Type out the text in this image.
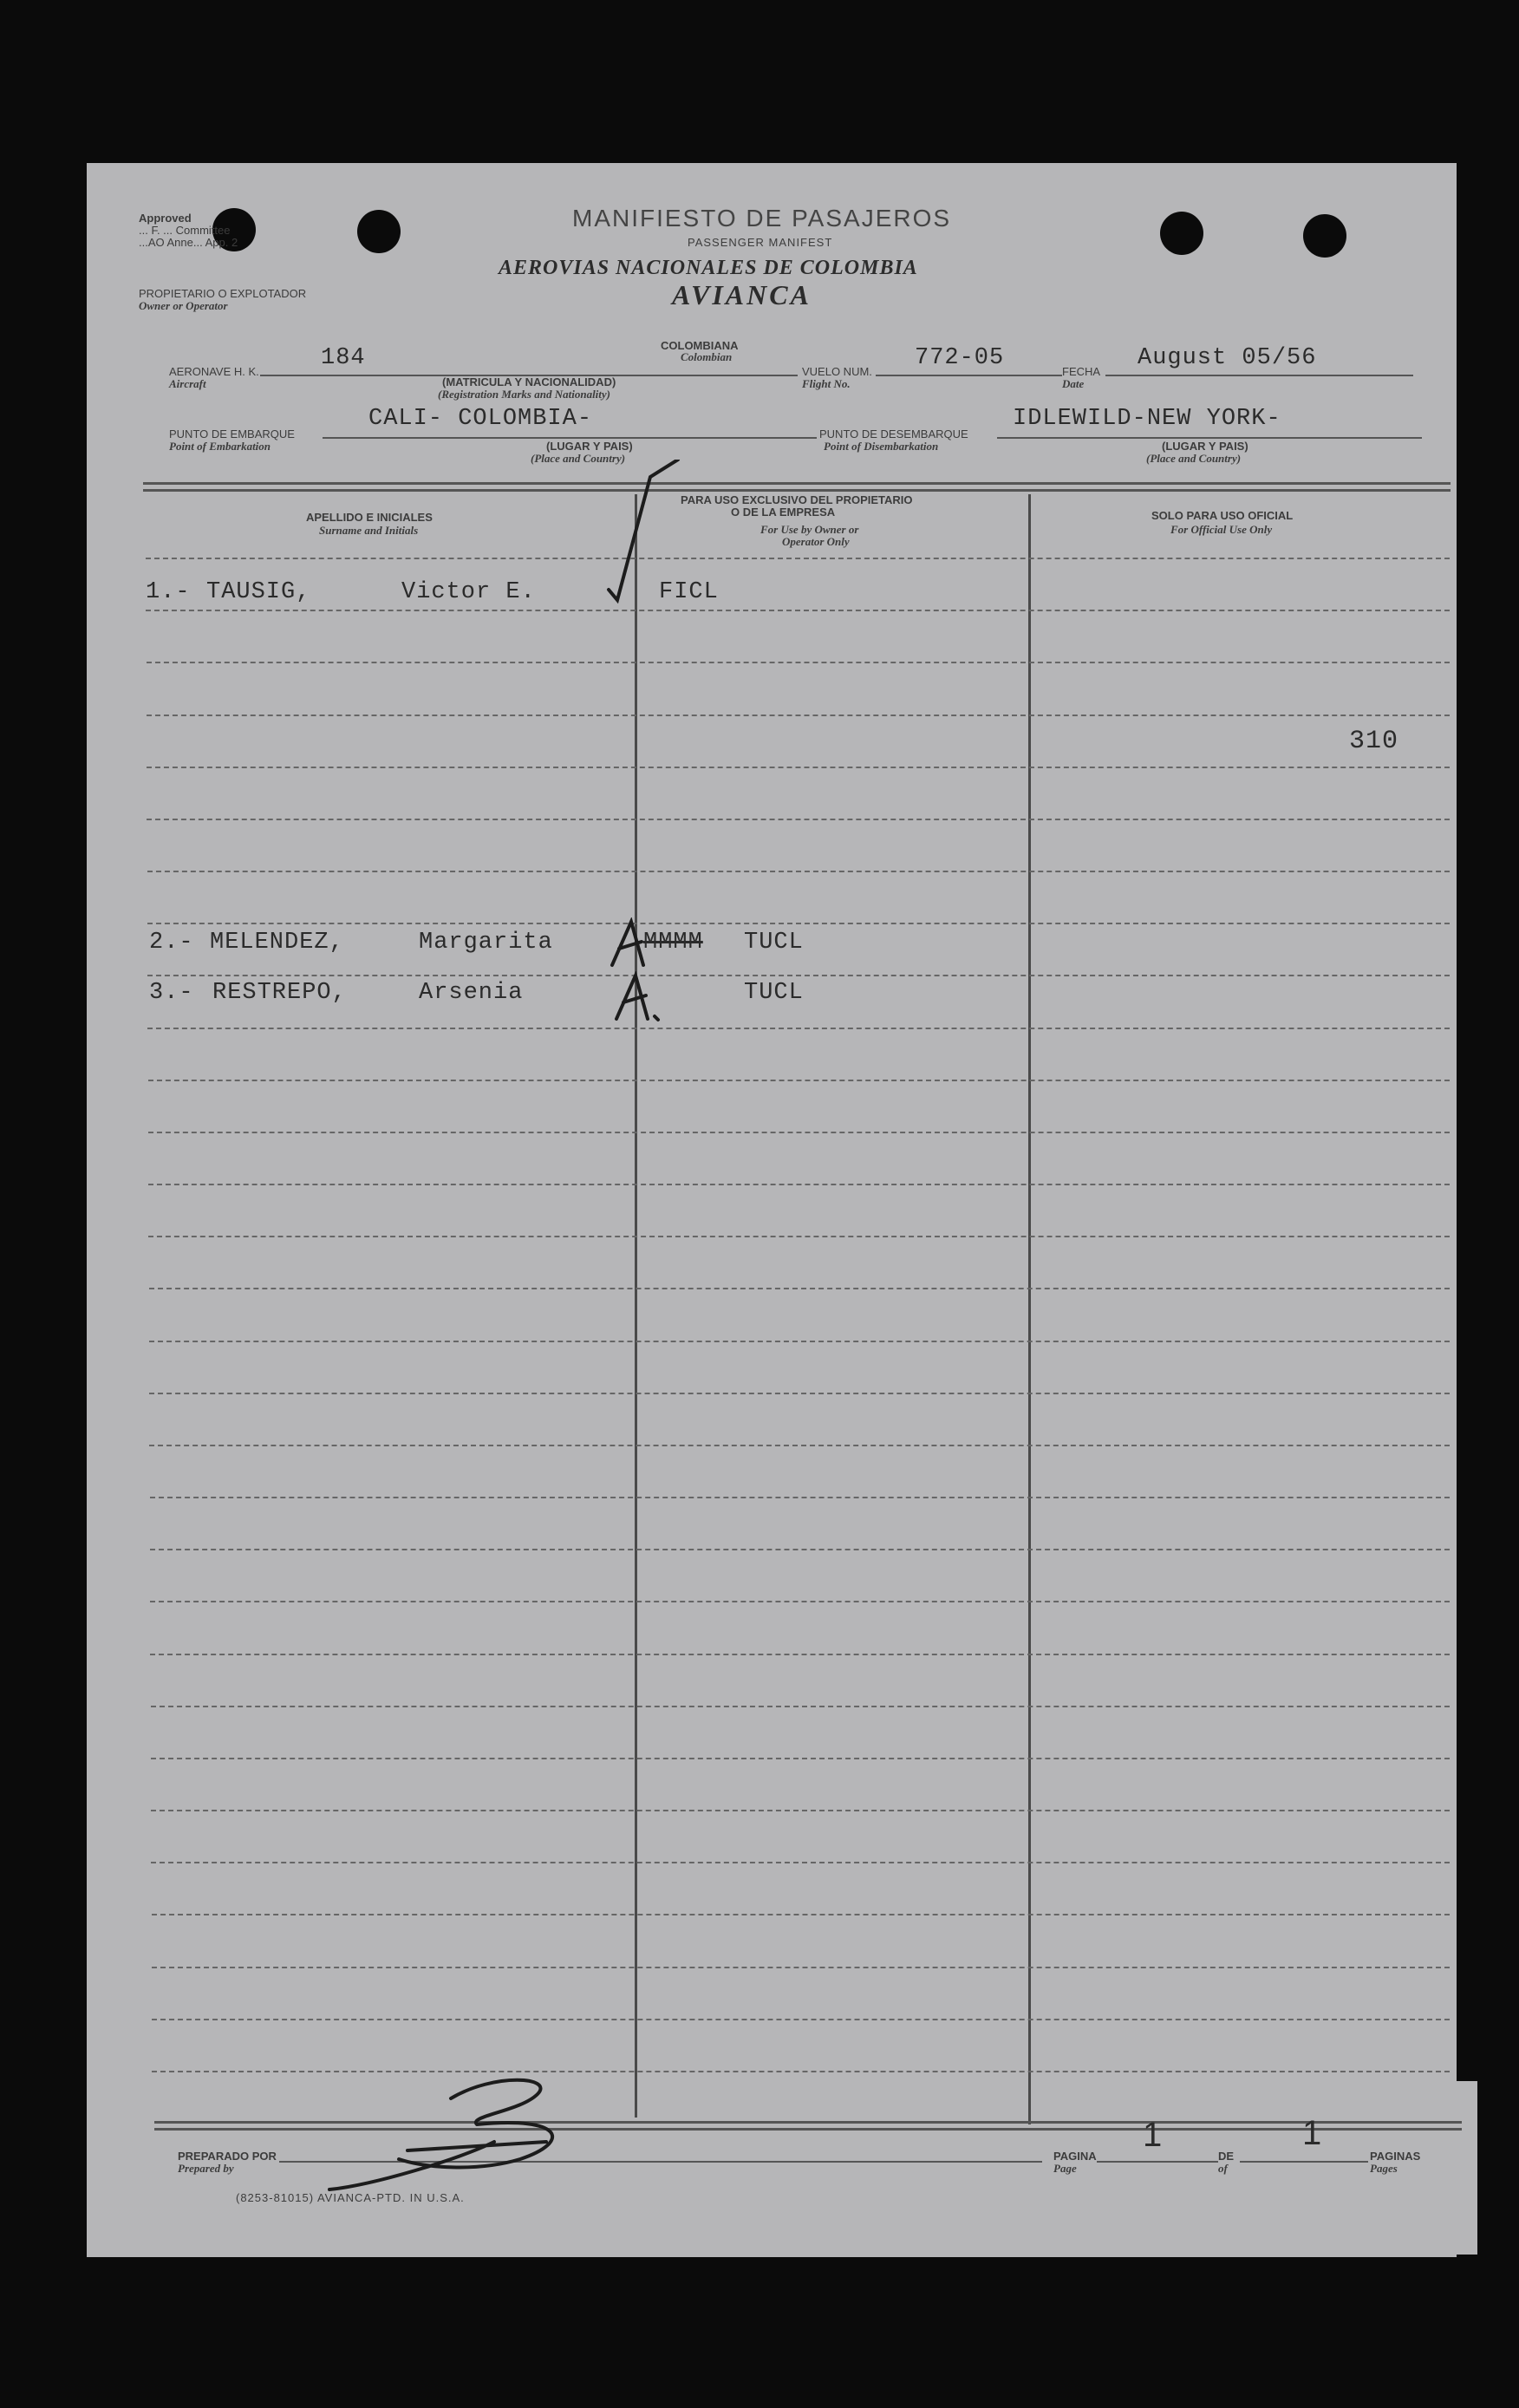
Approved
... F. ... Committee
...AO Anne... App. 2
MANIFIESTO DE PASAJEROS
PASSENGER MANIFEST
AEROVIAS NACIONALES DE COLOMBIA
AVIANCA
PROPIETARIO O EXPLOTADOR
Owner or Operator
AERONAVE H. K.
Aircraft
184	COLOMBIANA
Colombian
(MATRICULA Y NACIONALIDAD)
(Registration Marks and Nationality)
VUELO NUM.
Flight No.
772-05
FECHA
Date
August 05/56
PUNTO DE EMBARQUE
Point of Embarkation
CALI- COLOMBIA-
(LUGAR Y PAIS)
(Place and Country)
PUNTO DE DESEMBARQUE
Point of Disembarkation
IDLEWILD-NEW YORK-
(LUGAR Y PAIS)
(Place and Country)
APELLIDO E INICIALES
Surname and Initials
PARA USO EXCLUSIVO DEL PROPIETARIO
O DE LA EMPRESA
For Use by Owner or
Operator Only
SOLO PARA USO OFICIAL
For Official Use Only
1.- TAUSIG,	Victor E.	FICL
2.- MELENDEZ,	Margarita	MMMM TUCL
3.- RESTREPO,	Arsenia	TUCL
310
PREPARADO POR
Prepared by
(8253-81015) AVIANCA-PTD. IN U.S.A.
PAGINA
Page
1
DE
of
1
PAGINAS
Pages
